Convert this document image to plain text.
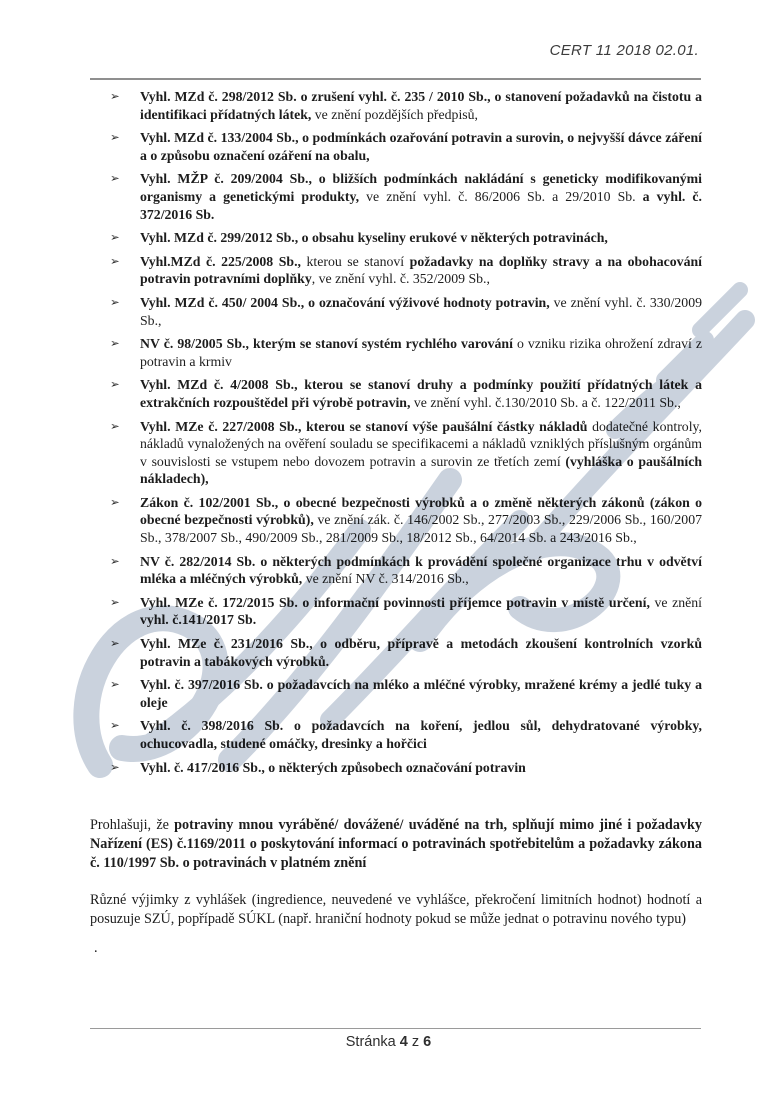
CERT 11 2018 02.01.
➢ Vyhl. MZd č. 298/2012 Sb. o zrušení vyhl. č. 235 / 2010 Sb., o stanovení požadavků na čistotu a identifikaci přídatných látek, ve znění pozdějších předpisů,
➢ Vyhl. MZd č. 133/2004 Sb., o podmínkách ozařování potravin a surovin, o nejvyšší dávce záření a o způsobu označení ozáření na obalu,
➢ Vyhl. MŽP č. 209/2004 Sb., o bližších podmínkách nakládání s geneticky modifikovanými organismy a genetickými produkty, ve znění vyhl. č. 86/2006 Sb. a 29/2010 Sb. a vyhl. č. 372/2016 Sb.
➢ Vyhl. MZd č. 299/2012 Sb., o obsahu kyseliny erukové v některých potravinách,
➢ Vyhl.MZd č. 225/2008 Sb., kterou se stanoví požadavky na doplňky stravy a na obohacování potravin potravními doplňky, ve znění vyhl. č. 352/2009 Sb.,
➢ Vyhl. MZd č. 450/ 2004 Sb., o označování výživové hodnoty potravin, ve znění vyhl. č. 330/2009 Sb.,
➢ NV č. 98/2005 Sb., kterým se stanoví systém rychlého varování o vzniku rizika ohrožení zdraví z potravin a krmiv
➢ Vyhl. MZd č. 4/2008 Sb., kterou se stanoví druhy a podmínky použití přídatných látek a extrakčních rozpouštědel při výrobě potravin, ve znění vyhl. č.130/2010 Sb. a č. 122/2011 Sb.,
➢ Vyhl. MZe č. 227/2008 Sb., kterou se stanoví výše paušální částky nákladů dodatečné kontroly, nákladů vynaložených na ověření souladu se specifikacemi a nákladů vzniklých příslušným orgánům v souvislosti se vstupem nebo dovozem potravin a surovin ze třetích zemí (vyhláška o paušálních nákladech),
➢ Zákon č. 102/2001 Sb., o obecné bezpečnosti výrobků a o změně některých zákonů (zákon o obecné bezpečnosti výrobků), ve znění zák. č. 146/2002 Sb., 277/2003 Sb., 229/2006 Sb., 160/2007 Sb., 378/2007 Sb., 490/2009 Sb., 281/2009 Sb., 18/2012 Sb., 64/2014 Sb. a 243/2016 Sb.,
➢ NV č. 282/2014 Sb. o některých podmínkách k provádění společné organizace trhu v odvětví mléka a mléčných výrobků, ve znění NV č. 314/2016 Sb.,
➢ Vyhl. MZe č. 172/2015 Sb. o informační povinnosti příjemce potravin v místě určení, ve znění vyhl. č.141/2017 Sb.
➢ Vyhl. MZe č. 231/2016 Sb., o odběru, přípravě a metodách zkoušení kontrolních vzorků potravin a tabákových výrobků.
➢ Vyhl. č. 397/2016 Sb. o požadavcích na mléko a mléčné výrobky, mražené krémy a jedlé tuky a oleje
➢ Vyhl. č. 398/2016 Sb. o požadavcích na koření, jedlou sůl, dehydratované výrobky, ochucovadla, studené omáčky, dresinky a hořčici
➢ Vyhl. č. 417/2016 Sb., o některých způsobech označování potravin

Prohlašuji, že potraviny mnou vyráběné/ dovážené/ uváděné na trh, splňují mimo jiné i požadavky Nařízení (ES) č.1169/2011 o poskytování informací o potravinách spotřebitelům a požadavky zákona č. 110/1997 Sb. o potravinách v platném znění

Různé výjimky z vyhlášek (ingredience, neuvedené ve vyhlášce, překročení limitních hodnot) hodnotí a posuzuje SZÚ, popřípadě SÚKL (např. hraniční hodnoty pokud se může jednat o potravinu nového typu)

.

Stránka 4 z 6
